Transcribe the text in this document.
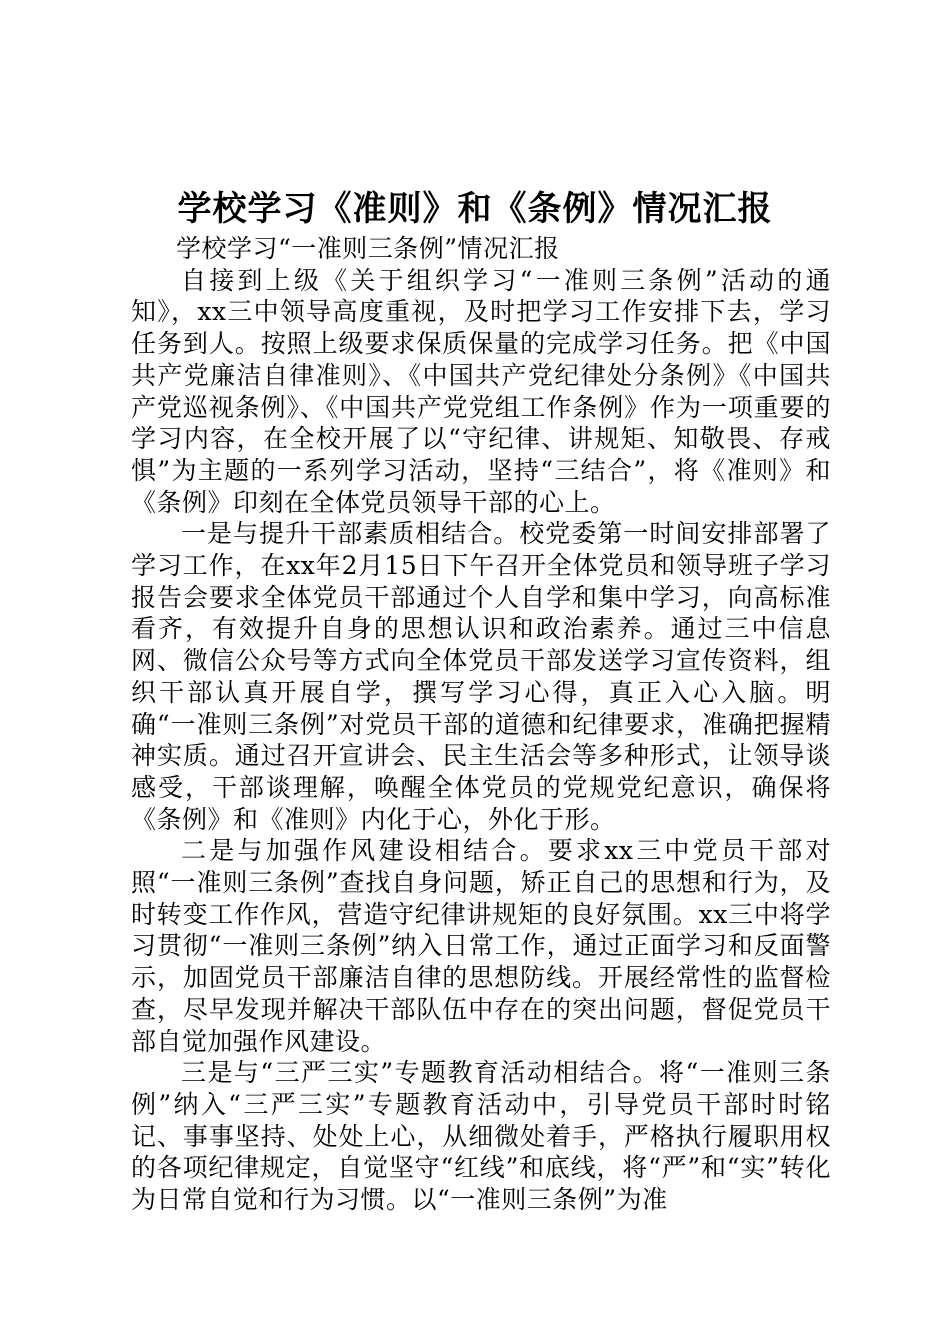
学校学习《准则》和《条例》情况汇报

学校学习“一准则三条例”情况汇报

自接到上级《关于组织学习“一准则三条例”活动的通知》，xx三中领导高度重视，及时把学习工作安排下去，学习任务到人。按照上级要求保质保量的完成学习任务。把《中国共产党廉洁自律准则》、《中国共产党纪律处分条例》《中国共产党巡视条例》、《中国共产党党组工作条例》作为一项重要的学习内容，在全校开展了以“守纪律、讲规矩、知敬畏、存戒惧”为主题的一系列学习活动，坚持“三结合”，将《准则》和《条例》印刻在全体党员领导干部的心上。

一是与提升干部素质相结合。校党委第一时间安排部署了学习工作，在xx年2月15日下午召开全体党员和领导班子学习报告会要求全体党员干部通过个人自学和集中学习，向高标准看齐，有效提升自身的思想认识和政治素养。通过三中信息网、微信公众号等方式向全体党员干部发送学习宣传资料，组织干部认真开展自学，撰写学习心得，真正入心入脑。明确“一准则三条例”对党员干部的道德和纪律要求，准确把握精神实质。通过召开宣讲会、民主生活会等多种形式，让领导谈感受，干部谈理解，唤醒全体党员的党规党纪意识，确保将《条例》和《准则》内化于心，外化于形。

二是与加强作风建设相结合。要求xx三中党员干部对照“一准则三条例”查找自身问题，矫正自己的思想和行为，及时转变工作作风，营造守纪律讲规矩的良好氛围。xx三中将学习贯彻“一准则三条例”纳入日常工作，通过正面学习和反面警示，加固党员干部廉洁自律的思想防线。开展经常性的监督检查，尽早发现并解决干部队伍中存在的突出问题，督促党员干部自觉加强作风建设。

三是与“三严三实”专题教育活动相结合。将“一准则三条例”纳入“三严三实”专题教育活动中，引导党员干部时时铭记、事事坚持、处处上心，从细微处着手，严格执行履职用权的各项纪律规定，自觉坚守“红线”和底线，将“严”和“实”转化为日常自觉和行为习惯。以“一准则三条例”为准
